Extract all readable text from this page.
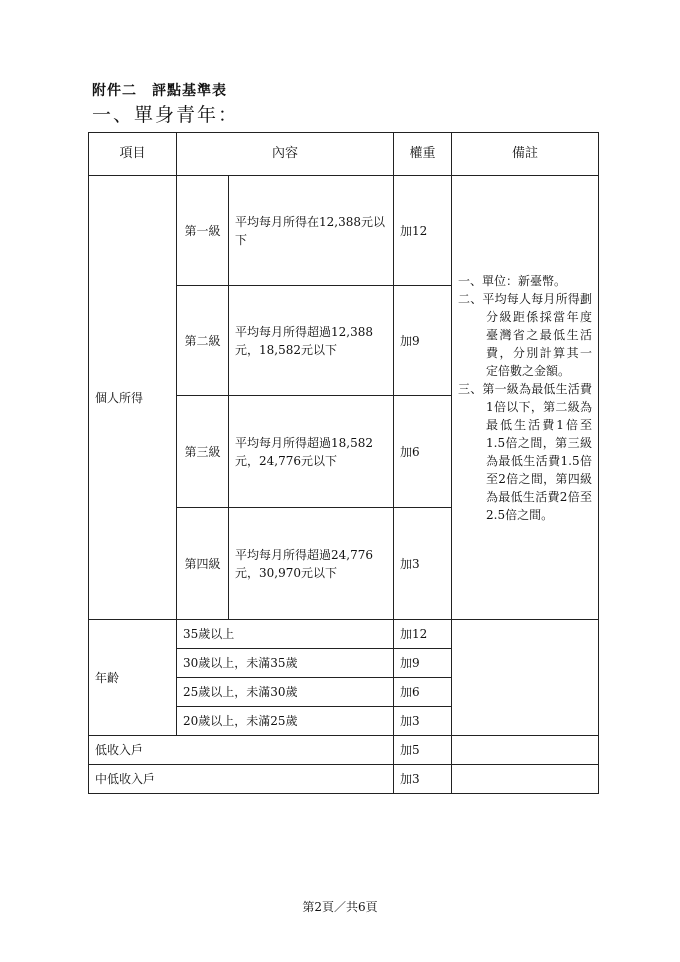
附件二　評點基準表
一、單身青年：
項目	內容		權重	備註
個人所得	第一級	平均每月所得在12,388元以下	加12	一、單位：新臺幣。
二、平均每人每月所得劃分級距係採當年度臺灣省之最低生活費，分別計算其一定倍數之金額。
三、第一級為最低生活費1倍以下，第二級為最低生活費1倍至1.5倍之間，第三級為最低生活費1.5倍至2倍之間，第四級為最低生活費2倍至2.5倍之間。

	第二級	平均每月所得超過12,388元，18,582元以下	加9	
	第三級	平均每月所得超過18,582元，24,776元以下	加6	
	第四級	平均每月所得超過24,776元，30,970元以下	加3	
年齡	35歲以上		加12	
	30歲以上，未滿35歲		加9	
	25歲以上，未滿30歲		加6	
	20歲以上，未滿25歲		加3	
低收入戶			加5	
中低收入戶			加3	
第2頁／共6頁
